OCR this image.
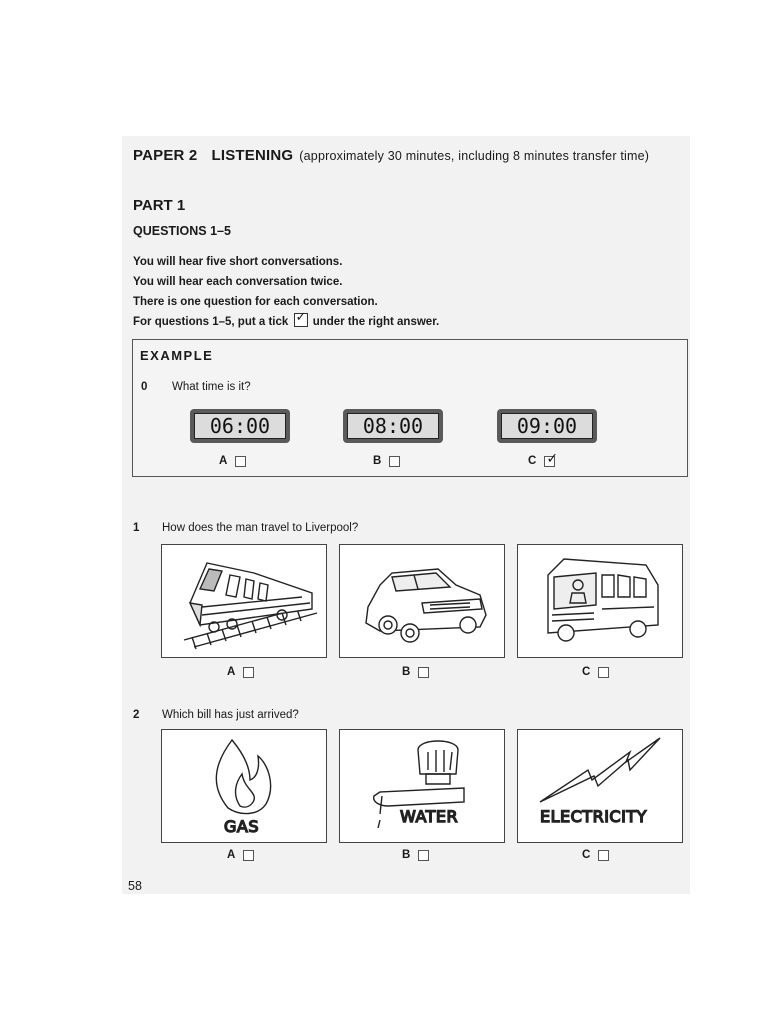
PAPER 2 LISTENING (approximately 30 minutes, including 8 minutes transfer time)
PART 1
QUESTIONS 1–5
You will hear five short conversations.
You will hear each conversation twice.
There is one question for each conversation.
For questions 1–5, put a tick ✓ under the right answer.
EXAMPLE
0 What time is it?
06:00	08:00	09:00
A	B	C ✓
1 How does the man travel to Liverpool?
A	B	C
2 Which bill has just arrived?
GAS
WATER	ELECTRICITY
A	B	C
58
